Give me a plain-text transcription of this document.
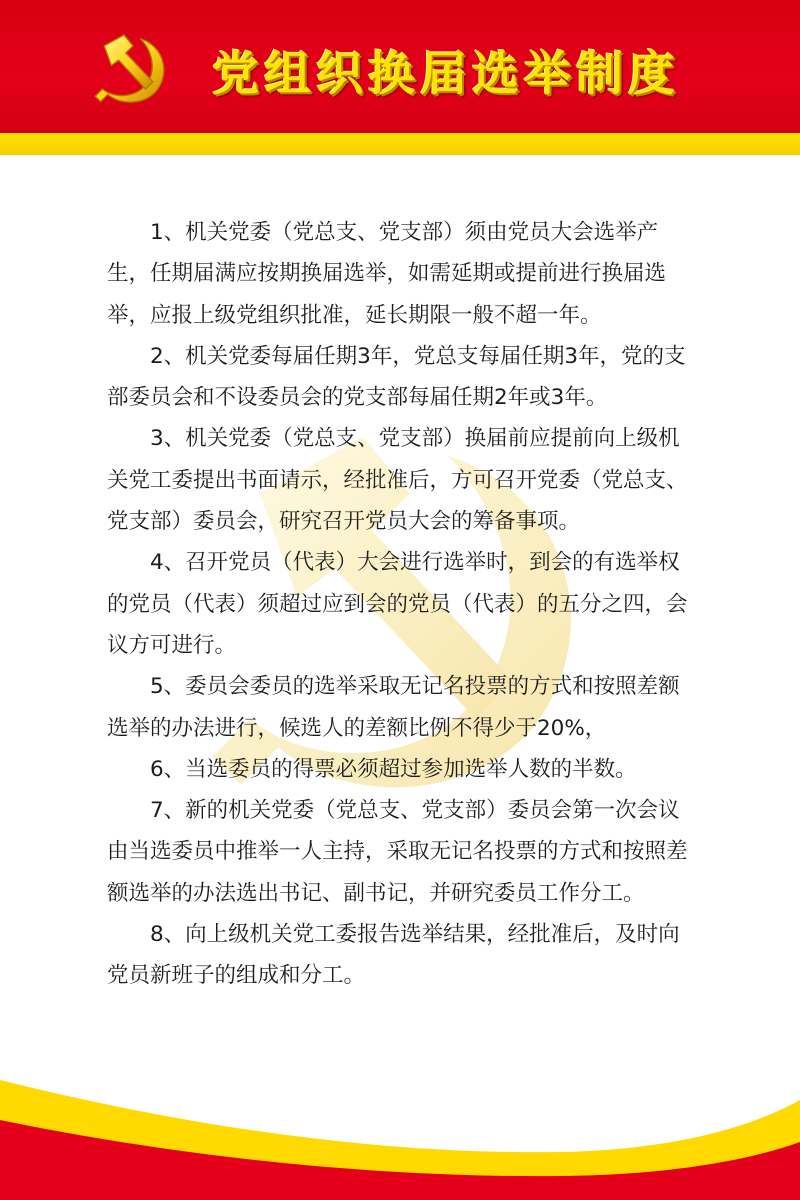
党组织换届选举制度

1、机关党委（党总支、党支部）须由党员大会选举产生，任期届满应按期换届选举，如需延期或提前进行换届选举，应报上级党组织批准，延长期限一般不超一年。

2、机关党委每届任期3年，党总支每届任期3年，党的支部委员会和不设委员会的党支部每届任期2年或3年。

3、机关党委（党总支、党支部）换届前应提前向上级机关党工委提出书面请示，经批准后，方可召开党委（党总支、党支部）委员会，研究召开党员大会的筹备事项。

4、召开党员（代表）大会进行选举时，到会的有选举权的党员（代表）须超过应到会的党员（代表）的五分之四，会议方可进行。

5、委员会委员的选举采取无记名投票的方式和按照差额选举的办法进行，候选人的差额比例不得少于20%，

6、当选委员的得票必须超过参加选举人数的半数。

7、新的机关党委（党总支、党支部）委员会第一次会议由当选委员中推举一人主持，采取无记名投票的方式和按照差额选举的办法选出书记、副书记，并研究委员工作分工。

8、向上级机关党工委报告选举结果，经批准后，及时向党员新班子的组成和分工。
